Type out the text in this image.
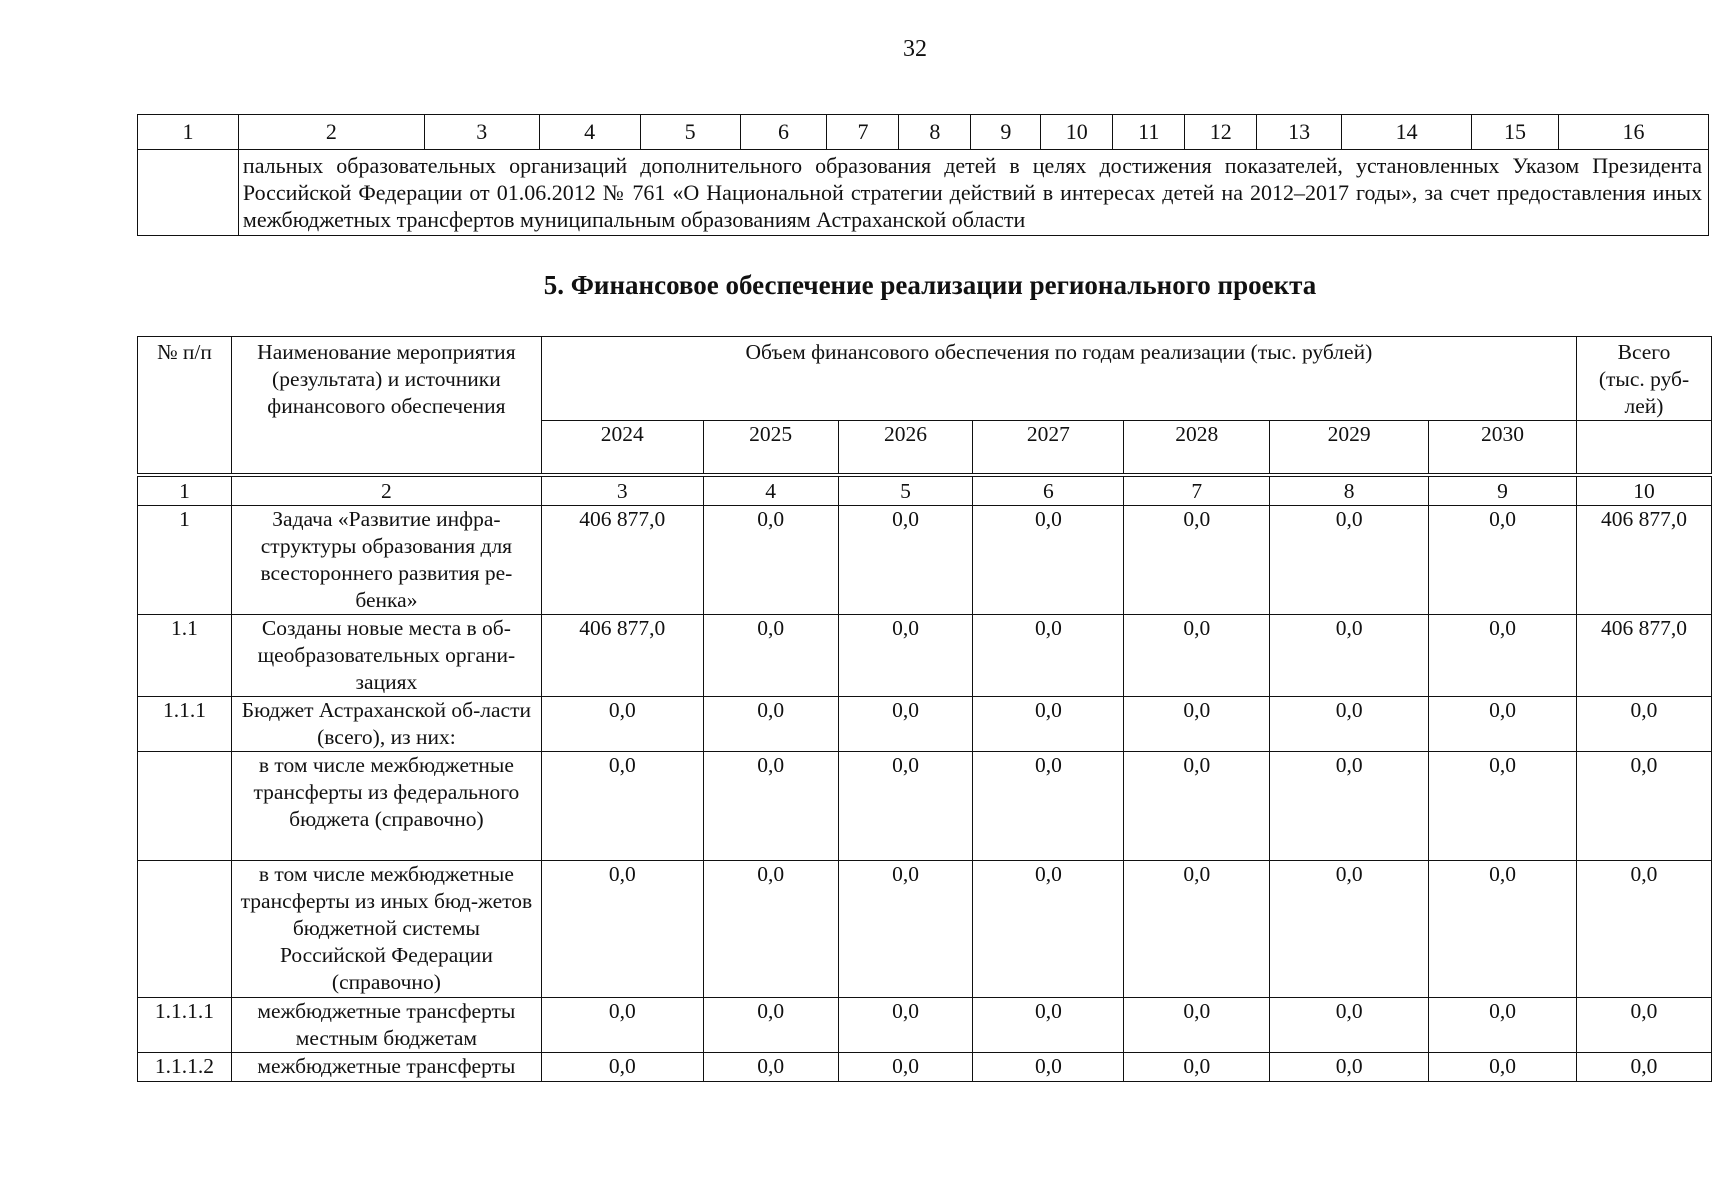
32
1	2	3	4	5	6	7	8	9	10	11	12	13	14	15	16
	пальных образовательных организаций дополнительного образования детей в целях достижения показателей, установленных Указом Президента Российской Федерации от 01.06.2012 № 761 «О Национальной стратегии действий в интересах детей на 2012–2017 годы», за счет предоставления иных межбюджетных трансфертов муниципальным образованиям Астраханской области														
5. Финансовое обеспечение реализации регионального проекта
№ п/п	Наименование мероприятия (результата) и источники финансового обеспечения	Объем финансового обеспечения по годам реализации (тыс. рублей)							Всего (тыс. руб-лей)
		2024	2025	2026	2027	2028	2029	2030	
1	2	3	4	5	6	7	8	9	10
1	Задача «Развитие инфра-структуры образования для всестороннего развития ре-бенка»	406 877,0	0,0	0,0	0,0	0,0	0,0	0,0	406 877,0
1.1	Созданы новые места в об-щеобразовательных органи-зациях	406 877,0	0,0	0,0	0,0	0,0	0,0	0,0	406 877,0
1.1.1	Бюджет Астраханской об-ласти (всего), из них:	0,0	0,0	0,0	0,0	0,0	0,0	0,0	0,0
	в том числе межбюджетные трансферты из федерального бюджета (справочно)	0,0	0,0	0,0	0,0	0,0	0,0	0,0	0,0
	в том числе межбюджетные трансферты из иных бюд-жетов бюджетной системы Российской Федерации (справочно)	0,0	0,0	0,0	0,0	0,0	0,0	0,0	0,0
1.1.1.1	межбюджетные трансферты местным бюджетам	0,0	0,0	0,0	0,0	0,0	0,0	0,0	0,0
1.1.1.2	межбюджетные трансферты	0,0	0,0	0,0	0,0	0,0	0,0	0,0	0,0
